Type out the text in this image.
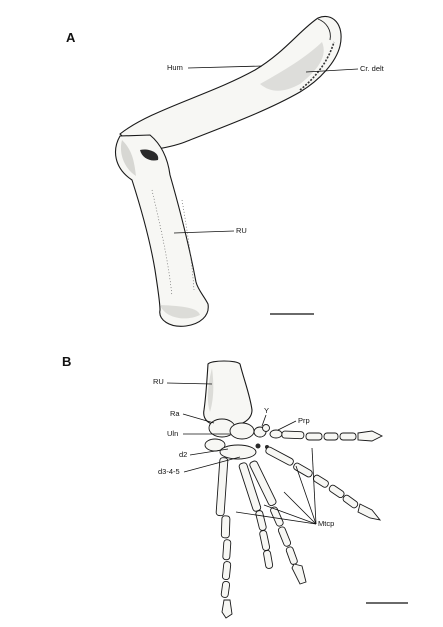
A
Hum	Cr. delt
RU
B
RU
Ra
Uln
Y
Prp
d2
d3-4-5
Mtcp
